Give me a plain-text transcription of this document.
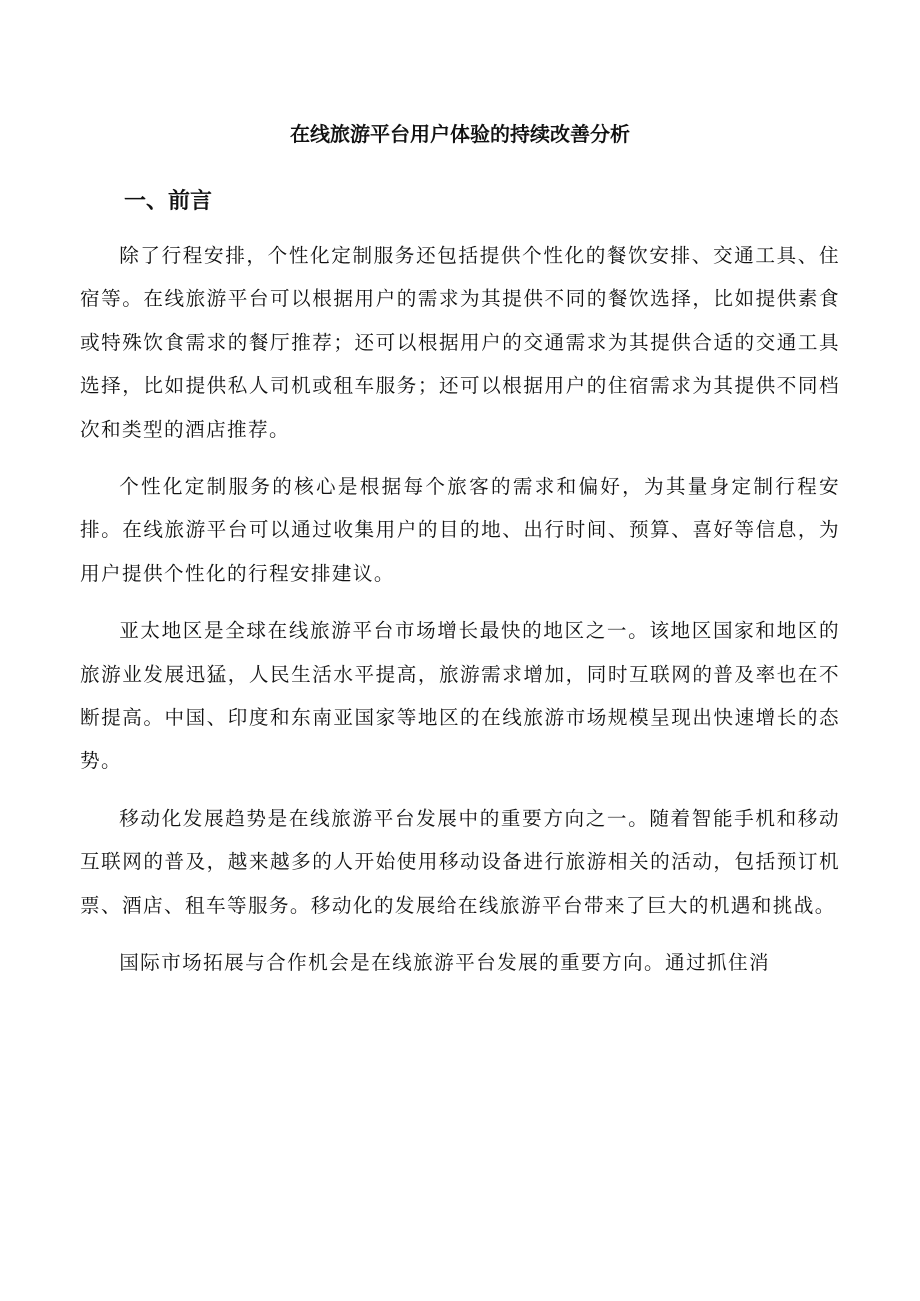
在线旅游平台用户体验的持续改善分析
一、前言

除了行程安排，个性化定制服务还包括提供个性化的餐饮安排、交通工具、住宿等。在线旅游平台可以根据用户的需求为其提供不同的餐饮选择，比如提供素食或特殊饮食需求的餐厅推荐；还可以根据用户的交通需求为其提供合适的交通工具选择，比如提供私人司机或租车服务；还可以根据用户的住宿需求为其提供不同档次和类型的酒店推荐。

个性化定制服务的核心是根据每个旅客的需求和偏好，为其量身定制行程安排。在线旅游平台可以通过收集用户的目的地、出行时间、预算、喜好等信息，为用户提供个性化的行程安排建议。

亚太地区是全球在线旅游平台市场增长最快的地区之一。该地区国家和地区的旅游业发展迅猛，人民生活水平提高，旅游需求增加，同时互联网的普及率也在不断提高。中国、印度和东南亚国家等地区的在线旅游市场规模呈现出快速增长的态势。

移动化发展趋势是在线旅游平台发展中的重要方向之一。随着智能手机和移动互联网的普及，越来越多的人开始使用移动设备进行旅游相关的活动，包括预订机票、酒店、租车等服务。移动化的发展给在线旅游平台带来了巨大的机遇和挑战。

国际市场拓展与合作机会是在线旅游平台发展的重要方向。通过抓住消
